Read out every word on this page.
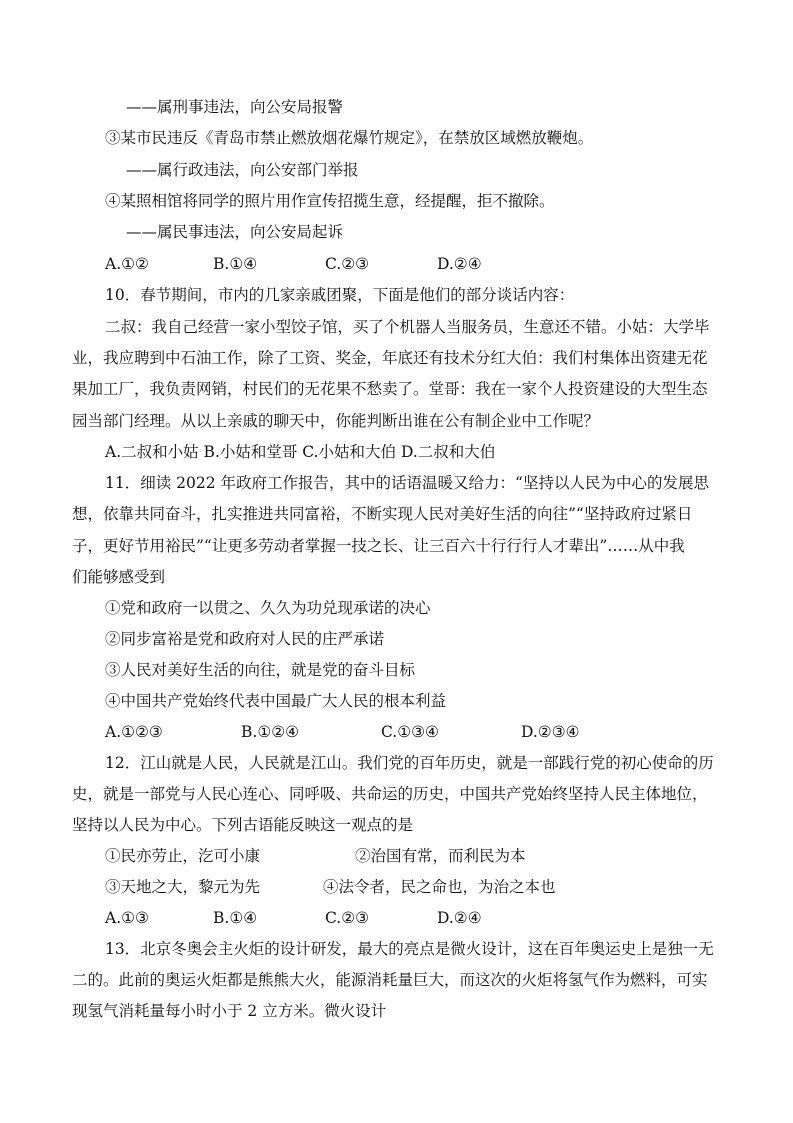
——属刑事违法，向公安局报警
③某市民违反《青岛市禁止燃放烟花爆竹规定》，在禁放区域燃放鞭炮。
——属行政违法，向公安部门举报
④某照相馆将同学的照片用作宣传招揽生意，经提醒，拒不撤除。
——属民事违法，向公安局起诉
A.①②	B.①④	C.②③	D.②④
10．春节期间，市内的几家亲戚团聚，下面是他们的部分谈话内容：
二叔：我自己经营一家小型饺子馆，买了个机器人当服务员，生意还不错。小姑：大学毕
业，我应聘到中石油工作，除了工资、奖金，年底还有技术分红大伯：我们村集体出资建无花
果加工厂，我负责网销，村民们的无花果不愁卖了。堂哥：我在一家个人投资建设的大型生态
园当部门经理。从以上亲戚的聊天中，你能判断出谁在公有制企业中工作呢？
A.二叔和小姑 B.小姑和堂哥 C.小姑和大伯 D.二叔和大伯
11．细读 2022 年政府工作报告，其中的话语温暖又给力：“坚持以人民为中心的发展思
想，依靠共同奋斗，扎实推进共同富裕，不断实现人民对美好生活的向往”“坚持政府过紧日
子，更好节用裕民”“让更多劳动者掌握一技之长、让三百六十行行行人才辈出”……从中我
们能够感受到
①党和政府一以贯之、久久为功兑现承诺的决心
②同步富裕是党和政府对人民的庄严承诺
③人民对美好生活的向往，就是党的奋斗目标
④中国共产党始终代表中国最广大人民的根本利益
A.①②③	B.①②④	C.①③④	D.②③④
12．江山就是人民，人民就是江山。我们党的百年历史，就是一部践行党的初心使命的历
史，就是一部党与人民心连心、同呼吸、共命运的历史，中国共产党始终坚持人民主体地位，
坚持以人民为中心。下列古语能反映这一观点的是
①民亦劳止，汔可小康	②治国有常，而利民为本
③天地之大，黎元为先	④法令者，民之命也，为治之本也
A.①③	B.①④	C.②③	D.②④
13．北京冬奥会主火炬的设计研发，最大的亮点是微火设计，这在百年奥运史上是独一无
二的。此前的奥运火炬都是熊熊大火，能源消耗量巨大，而这次的火炬将氢气作为燃料，可实
现氢气消耗量每小时小于 2 立方米。微火设计
